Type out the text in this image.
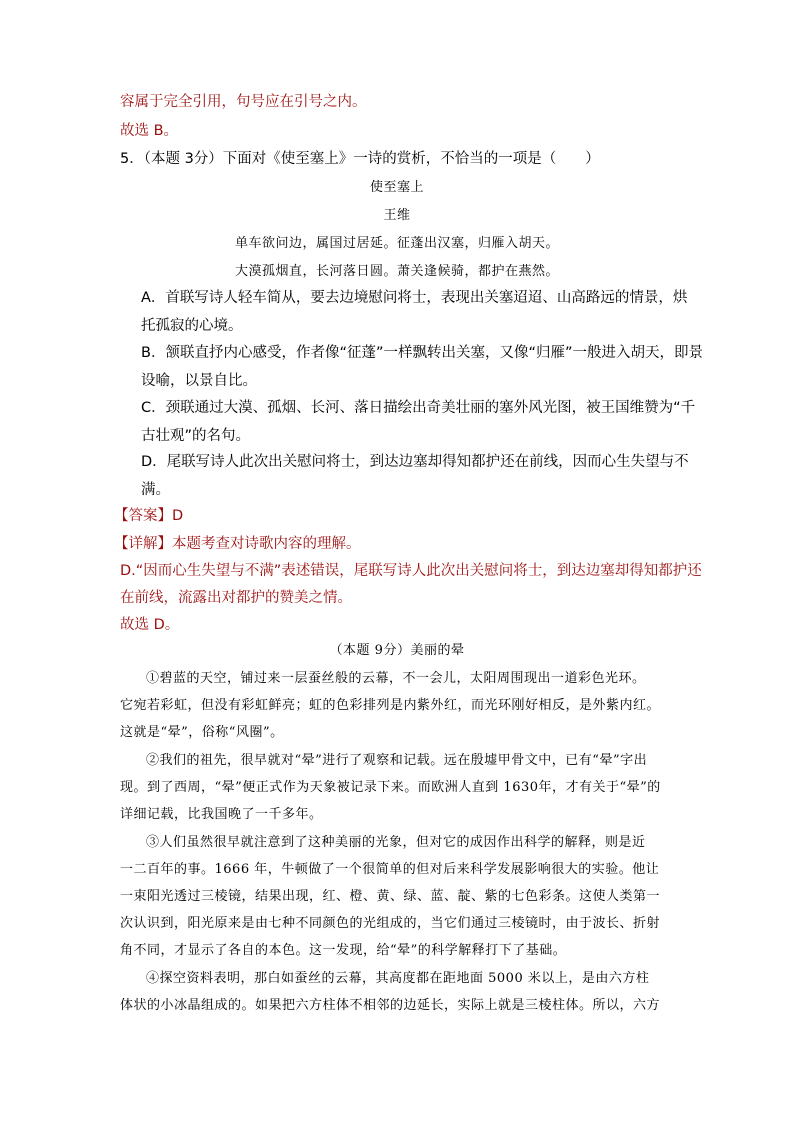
容属于完全引用，句号应在引号之内。
故选 B。
5．（本题 3分）下面对《使至塞上》一诗的赏析，不恰当的一项是（　　）
使至塞上
王维
单车欲问边，属国过居延。征蓬出汉塞，归雁入胡天。
大漠孤烟直，长河落日圆。萧关逢候骑，都护在燕然。
A．首联写诗人轻车简从，要去边境慰问将士，表现出关塞迢迢、山高路远的情景，烘
托孤寂的心境。
B．颔联直抒内心感受，作者像“征蓬”一样飘转出关塞，又像“归雁”一般进入胡天，即景
设喻，以景自比。
C．颈联通过大漠、孤烟、长河、落日描绘出奇美壮丽的塞外风光图，被王国维赞为“千
古壮观”的名句。
D．尾联写诗人此次出关慰问将士，到达边塞却得知都护还在前线，因而心生失望与不
满。
【答案】D
【详解】本题考查对诗歌内容的理解。
D.“因而心生失望与不满”表述错误，尾联写诗人此次出关慰问将士，到达边塞却得知都护还
在前线，流露出对都护的赞美之情。
故选 D。
（本题 9分）美丽的晕
①碧蓝的天空，铺过来一层蚕丝般的云幕，不一会儿，太阳周围现出一道彩色光环。
它宛若彩虹，但没有彩虹鲜亮；虹的色彩排列是内紫外红，而光环刚好相反，是外紫内红。
这就是“晕”，俗称“风圈”。
②我们的祖先，很早就对“晕”进行了观察和记载。远在殷墟甲骨文中，已有“晕”字出
现。到了西周，“晕”便正式作为天象被记录下来。而欧洲人直到 1630年，才有关于“晕”的
详细记载，比我国晚了一千多年。
③人们虽然很早就注意到了这种美丽的光象，但对它的成因作出科学的解释，则是近
一二百年的事。1666 年，牛顿做了一个很简单的但对后来科学发展影响很大的实验。他让
一束阳光透过三棱镜，结果出现，红、橙、黄、绿、蓝、靛、紫的七色彩条。这使人类第一
次认识到，阳光原来是由七种不同颜色的光组成的，当它们通过三棱镜时，由于波长、折射
角不同，才显示了各自的本色。这一发现，给“晕”的科学解释打下了基础。
④探空资料表明，那白如蚕丝的云幕，其高度都在距地面 5000 米以上，是由六方柱
体状的小冰晶组成的。如果把六方柱体不相邻的边延长，实际上就是三棱柱体。所以，六方
